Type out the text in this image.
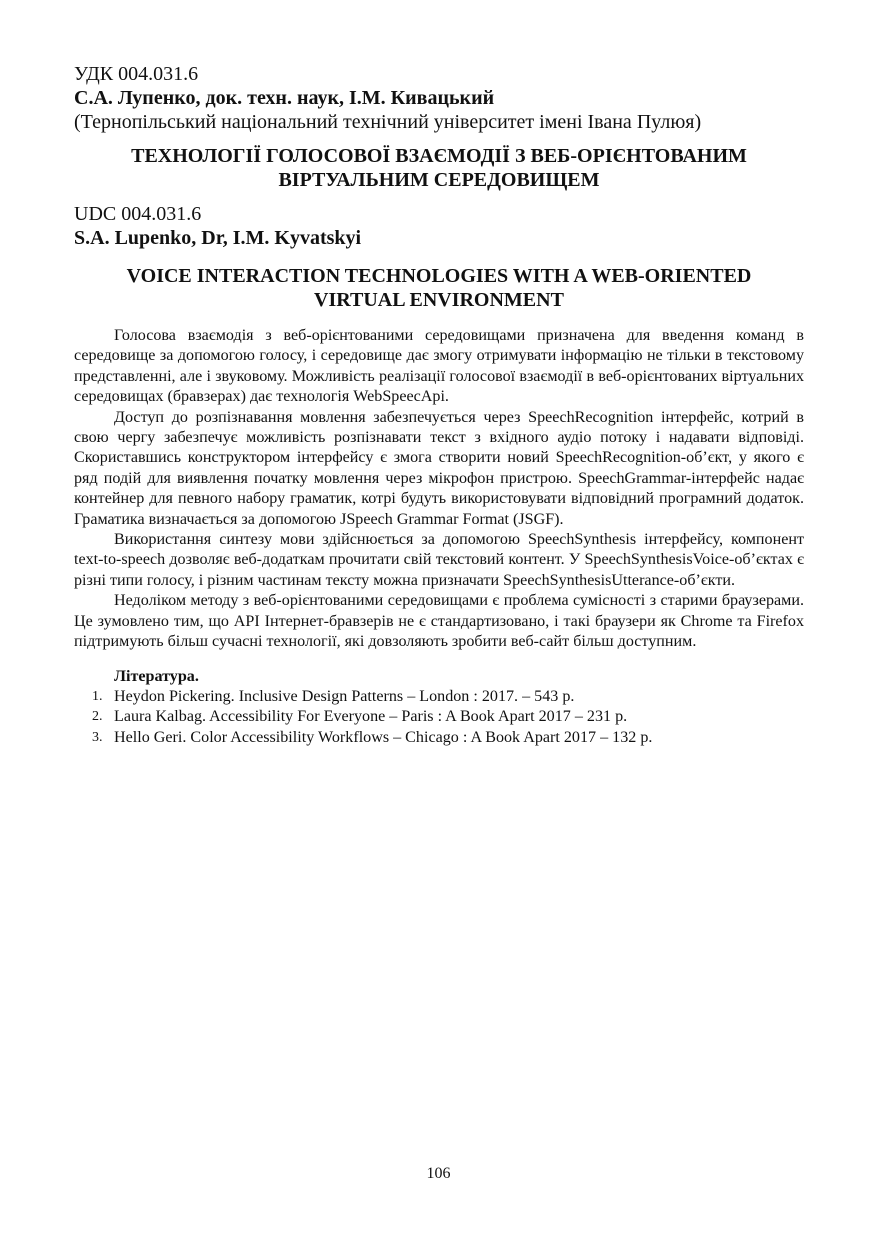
УДК 004.031.6

С.А. Лупенко, док. техн. наук, І.М. Кивацький

(Тернопільський національний технічний університет імені Івана Пулюя)

ТЕХНОЛОГІЇ ГОЛОСОВОЇ ВЗАЄМОДІЇ З ВЕБ-ОРІЄНТОВАНИМ
ВІРТУАЛЬНИМ СЕРЕДОВИЩЕМ

UDC 004.031.6

S.A. Lupenko, Dr, I.M. Kyvatskyi

VOICE INTERACTION TECHNOLOGIES WITH A WEB-ORIENTED
VIRTUAL ENVIRONMENT

Голосова взаємодія з веб-орієнтованими середовищами призначена для введення команд в середовище за допомогою голосу, і середовище дає змогу отримувати інформацію не тільки в текстовому представленні, але і звуковому. Можливість реалізації голосової взаємодії в веб-орієнтованих віртуальних середовищах (бравзерах) дає технологія WebSpeecApi.

Доступ до розпізнавання мовлення забезпечується через SpeechRecognition інтерфейс, котрий в свою чергу забезпечує можливість розпізнавати текст з вхідного аудіо потоку і надавати відповіді. Скориставшись конструктором інтерфейсу є змога створити новий SpeechRecognition-об’єкт, у якого є ряд подій для виявлення початку мовлення через мікрофон пристрою. SpeechGrammar-інтерфейс надає контейнер для певного набору граматик, котрі будуть використовувати відповідний програмний додаток. Граматика визначається за допомогою JSpeech Grammar Format (JSGF).

Використання синтезу мови здійснюється за допомогою SpeechSynthesis інтерфейсу, компонент text-to-speech дозволяє веб-додаткам прочитати свій текстовий контент. У SpeechSynthesisVoice-об’єктах є різні типи голосу, і різним частинам тексту можна призначати SpeechSynthesisUtterance-об’єкти.

Недоліком методу з веб-орієнтованими середовищами є проблема сумісності з старими браузерами. Це зумовлено тим, що API Інтернет-бравзерів не є стандартизовано, і такі браузери як Chrome та Firefox підтримують більш сучасні технології, які довзоляють зробити веб-сайт більш доступним.

Література.

1. Heydon Pickering. Inclusive Design Patterns – London : 2017. – 543 p.
2. Laura Kalbag. Accessibility For Everyone – Paris : A Book Apart 2017 – 231 p.
3. Hello Geri. Color Accessibility Workflows – Chicago : A Book Apart 2017 – 132 p.
106
